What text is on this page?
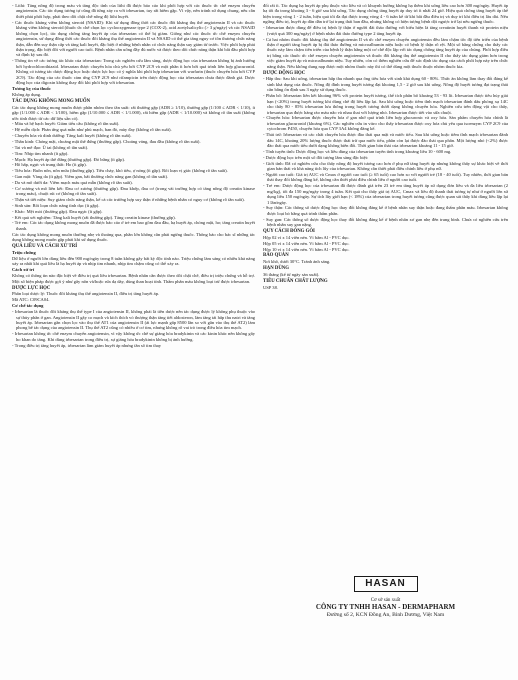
- Lithi: Tăng nồng độ trong máu và tăng độc tính của lithi đã được báo cáo khi phối hợp với các thuốc ức chế enzym chuyển angiotensin. Các tác dụng tương tự cũng đã từng xảy ra với irbesartan, tuy rất hiếm gặp. Vì vậy, nên tránh sử dụng chung, nếu cần thiết phải phối hợp, phải theo dõi chặt chẽ nồng độ lithi huyết.

- Các thuốc kháng viêm không steroid (NSAID): Khi sử dụng đồng thời các thuốc đối kháng thụ thể angiotensin II và các thuốc kháng viêm không steroid (thuốc ức chế chọn lọc cyclooxygenase type 2 (COX-2), acid acetylsalicylic (> 3 g/ngày) và các NSAID không chọn lọc), tác dụng chống tăng huyết áp của irbesartan có thể bị giảm. Giống như các thuốc ức chế enzym chuyển angiotensin, sử dụng đồng thời các thuốc đối kháng thụ thể angiotensin II và NSAID có thể gia tăng nguy cơ tồn thương chức năng thận, dẫn đến suy thận cấp và tăng kali huyết, đặc biệt ở những bệnh nhân có chức năng thận suy giảm từ trước. Việc phối hợp phải thận trọng, đặc biệt đối với người cao tuổi. Bệnh nhân cần uống đầy đủ nước và được theo dõi chức năng thận khi bắt đầu phối hợp và định kỳ sau đó.

- Thông tin về các tương tác khác của irbesartan: Trong các nghiên cứu lâm sàng, dược động học của irbesartan không bị ảnh hưởng bởi hydrochlorothiazid. Irbesartan được chuyển hóa chủ yếu bởi CYP 2C9 và một phần ít hơn bởi quá trình liên hợp glucuronid. Không có tương tác dược động học hoặc dược lực học có ý nghĩa khi phối hợp irbesartan với warfarin (thuốc chuyển hóa bởi CYP 2C9). Tác động của các thuốc cảm ứng CYP 2C9 như rifampicin trên dược động học của irbesartan chưa được đánh giá. Dược động học của digoxin không thay đổi khi phối hợp với irbesartan.

Tương kỵ của thuốc

Không áp dụng.

TÁC DỤNG KHÔNG MONG MUỐN

Các tác dụng không mong muốn được phân nhóm theo tần suất: rất thường gặp (ADR ≥ 1/10), thường gặp (1/100 ≤ ADR < 1/10), ít gặp (1/1.000 ≤ ADR < 1/100), hiếm gặp (1/10.000 ≤ ADR < 1/1.000), rất hiếm gặp (ADR < 1/10.000) và không rõ tần suất (không ước tính được từ các dữ liệu sẵn có).

- Máu và hệ bạch huyết: Giảm tiểu cầu (không rõ tần suất).

- Hệ miễn dịch: Phản ứng quá mẫn như phù mạch, ban đỏ, mày đay (không rõ tần suất).

- Chuyển hóa và dinh dưỡng: Tăng kali huyết (không rõ tần suất).

- Thần kinh: Chóng mặt, choáng mặt thế đứng (thường gặp). Choáng váng, đau đầu (không rõ tần suất).

- Tai và mê đạo: Ù tai (không rõ tần suất).

- Tim: Nhịp tim nhanh (ít gặp).

- Mạch: Hạ huyết áp thế đứng (thường gặp). Đỏ bừng (ít gặp).

- Hô hấp, ngực và trung thất: Ho (ít gặp).

- Tiêu hóa: Buồn nôn, nôn mửa (thường gặp). Tiêu chảy, khó tiêu, ợ nóng (ít gặp). Rối loạn vị giác (không rõ tần suất).

- Gan mật: Vàng da (ít gặp). Viêm gan, bất thường chức năng gan (không rõ tần suất).

- Da và mô dưới da: Viêm mạch máu quá mẫn (không rõ tần suất).

- Cơ xương và mô liên kết: Đau cơ xương (thường gặp). Đau khớp, đau cơ (trong vài trường hợp có tăng nồng độ creatin kinase trong máu), chuột rút cơ (không rõ tần suất).

- Thận và tiết niệu: Suy giảm chức năng thận, kể cả các trường hợp suy thận ở những bệnh nhân có nguy cơ (không rõ tần suất).

- Sinh sản: Rối loạn chức năng tình dục (ít gặp).

- Khác: Mệt mỏi (thường gặp). Đau ngực (ít gặp).

- Kết quả xét nghiệm: Tăng kali huyết (rất thường gặp). Tăng creatin kinase (thường gặp).

- Trẻ em: Các tác dụng không mong muốn đã được báo cáo ở trẻ em bao gồm đau đầu, hạ huyết áp, chóng mặt, ho; tăng creatin huyết thanh.

Các tác dụng không mong muốn thường nhẹ và thoáng qua, phần lớn không cần phải ngừng thuốc. Thông báo cho bác sĩ những tác dụng không mong muốn gặp phải khi sử dụng thuốc.

QUÁ LIỀU VÀ CÁCH XỬ TRÍ

Triệu chứng

Dữ liệu ở người lớn dùng liều đến 900 mg/ngày trong 8 tuần không gây bất kỳ độc tính nào. Triệu chứng làm sáng có nhiều khả năng xảy ra nhất khi quá liều là hạ huyết áp và nhịp tim nhanh, nhịp tim chậm cũng có thể xảy ra.

Cách xử trí

Không có thông tin nào đặc biệt về điều trị quá liều irbesartan. Bệnh nhân cần được theo dõi chặt chẽ, điều trị triệu chứng và hỗ trợ. Một số biện pháp được gợi ý như gây nôn và/hoặc rửa dạ dày, dùng than hoạt tính. Thẩm phân máu không loại trừ được irbesartan.

DƯỢC LỰC HỌC

Phân loại dược lý: Thuốc đối kháng thụ thể angiotensin II, điều trị tăng huyết áp.

Mã ATC: C09CA04.

Cơ chế tác dụng

- Irbesartan là thuốc đối kháng thụ thể type I của angiotensin II, không phải là tiền dược nên tác dụng được lý không phụ thuộc vào sự thủy phân ở gan. Angiotensin II gây co mạch và kích thích vỏ thượng thận tăng tiết aldosteron, làm tăng tái hấp thu natri và tăng huyết áp. Irbesartan gắn chọn lọc vào thụ thể AT1 của angiotensin II (ái lực mạnh gấp 8500 lần so với gắn vào thụ thể AT2) làm phong bế tác dụng của angiotensin II. Thụ thể AT2 cũng có nhiều ở cơ tim, nhưng không rõ vai trò trong điều hòa tim mạch.

- Irbesartan không ức chế enzym chuyển angiotensin, vì vậy không ức chế sự giáng hóa bradykinin và các kinin khác nên không gây ho khan do tăng. Khi dùng irbesartan trong điều trị, sự giáng hóa bradykinin không bị ảnh hưởng.

- Trong điều trị tăng huyết áp, irbesartan làm giảm huyết áp nhưng tần số tim thay

đổi rất ít. Tác dụng hạ huyết áp phụ thuộc vào liều và có khuynh hướng không hạ thêm khi uống liều cao hơn 300 mg/ngày. Huyết áp hạ tối đa trong khoảng 3 - 6 giờ sau khi uống. Tác dụng chống tăng huyết áp duy trì ít nhất 24 giờ. Hiệu quả chống tăng huyết áp thể hiện trong vòng 1 - 2 tuần, hiệu quả tối đa đạt được trong vòng 4 - 6 tuần kể từ khi bắt đầu điều trị và duy trì khi điều trị lâu dài. Nếu ngừng điều trị, huyết áp dần dần trở lại trạng thái ban đầu, nhưng không có hiện tượng bệnh dội ngược trở lại nếu ngừng thuốc.

- Irbesartan được dùng để điều trị bệnh lý thận ở người đái tháo đường với biểu hiện là tăng creatinin huyết thanh và protein niệu (vượt quá 300 mg/ngày) ở bệnh nhân đái tháo đường type 2 tăng huyết áp.

- Cả hai nhóm thuốc đối kháng thụ thể angiotensin II và ức chế enzym chuyển angiotensin đều làm chậm tốc độ tiến triển của bệnh thận ở người tăng huyết áp bị đái tháo đường và microalbumin niệu hoặc có bệnh lý thận rõ rệt. Một số bằng chứng cho thấy các thuốc này làm chậm tiến triển của bệnh lý thận hằng một cơ chế độc lập với tác dụng chống tăng huyết áp của chúng. Phối hợp điều trị bằng các thuốc ức chế enzym chuyển angiotensin và thuốc đối kháng thụ thể angiotensin II cho thấy tác dụng giảm hơn trong việc giảm huyết áp và microalbumin niệu. Tuy nhiên, còn có thêm nghiên cứu để xác định tác dụng của cách phối hợp này trên chức năng thận. Nếu không dung nạp được một nhóm thuốc này thì có thể dùng một thuốc thuộc nhóm thuốc kia.

DƯỢC ĐỘNG HỌC

- Hấp thu: Sau khi uống, irbesartan hấp thu nhanh qua ống tiêu hóa với sinh khả dụng 60 - 80%. Thức ăn không làm thay đổi đáng kể sinh khả dụng của thuốc. Nồng độ đỉnh trong huyết tương đạt khoảng 1,5 - 2 giờ sau khi uống. Nồng độ huyết tương đạt trạng thái cân bằng ổn định sau 3 ngày sử dụng thuốc.

- Phân bố: Irbesartan liên kết khoảng 96% với protein huyết tương, thể tích phân bố khoảng 53 - 93 lít. Irbesartan được tiêu hủy giải hạn (<20%) trong huyết tương khi dùng chế độ liều lặp lại. Sau khi uống hoặc tiêm tĩnh mạch irbesartan đánh dấu phóng xạ 14C cho thấy 80 - 85% irbesartan lưu thông trong huyết tương dưới dạng không chuyển hóa. Nghiên cứu trên động vật cho thấy, irbesartan qua được hàng rào máu não và nhau thai với lượng nhỏ. Irbesartan được tiết vào sữa chuột.

- Chuyển hóa: Irbesartan được chuyển hóa ở gan nhờ quá trình liên hợp glucuronic và oxy hóa. Sản phẩm chuyển hóa chính là irbesartan glucuronid (khoảng 6%). Các nghiên cứu in vitro cho thấy irbesartan được oxy hóa chủ yếu qua isoenzym CYP 2C9 của cytochrom P450, chuyển hóa qua CYP 3A4 không đáng kể.

- Thải trừ: Irbesartan và các chất chuyển hóa được đào thải qua mật và nước tiểu. Sau khi uống hoặc tiêm tĩnh mạch irbesartan đánh dấu 14C, khoảng 20% lượng thuốc được thải trừ qua nước tiểu, phần còn lại được đào thải qua phân. Một lượng nhỏ (<2%) được đào thải qua nước tiểu dưới dạng không biến đổi. Thời gian bán thải của irbesartan khoảng 11 - 15 giờ.

- Tính tuyến tính: Dược động học và liều dùng của irbesartan tuyến tính trong khoảng liều 10 - 600 mg.

- Dược động học trên một số đối tượng lâm sàng đặc biệt:

- Giới tính: Đã có nghiên cứu cho thấy nồng độ huyết tương cao hơn ở phụ nữ tăng huyết áp nhưng không thấy sự khác biệt về thời gian bán thải và khả năng tích lũy của irbesartan. Không cần thiết phải điều chỉnh liều ở phụ nữ.

- Người cao tuổi: Giá trị AUC và Cmax ở người cao tuổi (≥ 65 tuổi) cao hơn so với người trẻ (18 - 40 tuổi). Tuy nhiên, thời gian bán thải thay đổi không đáng kể, không cần thiết phải điều chỉnh liều ở người cao tuổi.

- Trẻ em: Dược động học của irbesartan đã được đánh giá trên 23 trẻ em tăng huyết áp sử dụng đơn liều và đa liều irbesartan (2 mg/kg), tối đa 150 mg/ngày trong 4 tuần. Kết quả cho thấy giá trị AUC, Cmax và liều độ thanh thải tương tự như ở người lớn sử dụng liều 150 mg/ngày. Sự tích lũy giới hạn (< 18%) của irbesartan trong huyết tương cũng được quan sát thấy khi dùng liều lặp lại 1 lần/ngày.

- Suy thận: Các thông số dược động học thay đổi không đáng kể ở bệnh nhân suy thận hoặc đang thẩm phân máu. Irbesartan không được loại bỏ bằng quá trình thẩm phân.

- Suy gan: Các thông số dược động học thay đổi không đáng kể ở bệnh nhân xơ gan nhẹ đến trung bình. Chưa có nghiên cứu trên bệnh nhân suy gan nặng.

QUY CÁCH ĐÓNG GÓI

Hộp 02 vỉ x 14 viên nén. Vỉ bấm Al - PVC dục.

Hộp 05 vỉ x 14 viên nén. Vỉ bấm Al - PVC dục.

Hộp 10 vỉ x 14 viên nén. Vỉ bấm Al - PVC dục.

BẢO QUẢN

Nơi khô, dưới 30°C. Tránh ánh sáng.

HẠN DÙNG

36 tháng (kể từ ngày sản xuất).

TIÊU CHUẨN CHẤT LƯỢNG

USP 38.

HASAN
Cơ sở sản xuất
CÔNG TY TNHH HASAN - DERMAPHARM
Đường số 2, KCN Đồng An, Bình Dương, Việt Nam
